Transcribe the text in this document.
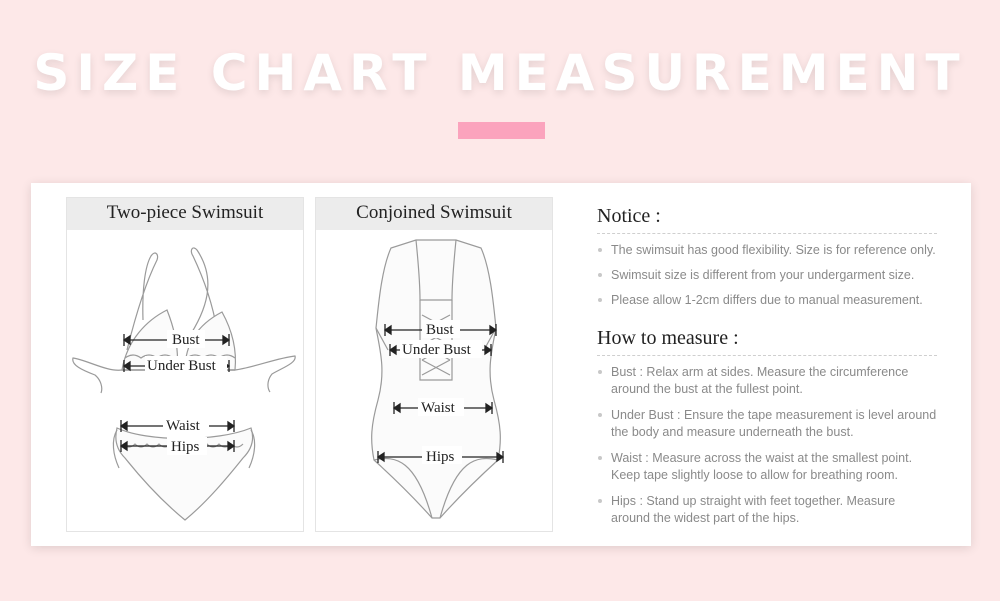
SIZE CHART MEASUREMENT
Two-piece Swimsuit
Bust
Under Bust
Waist
Hips
Conjoined Swimsuit
Bust
Under Bust
Waist
Hips
Notice :
The swimsuit has good flexibility. Size is for reference only.
Swimsuit size is different from your undergarment size.
Please allow 1-2cm differs due to manual measurement.
How to measure :
Bust : Relax arm at sides. Measure the circumference around the bust at the fullest point.
Under Bust : Ensure the tape measurement is level around the body and measure underneath the bust.
Waist : Measure across the waist at the smallest point. Keep tape slightly loose to allow for breathing room.
Hips : Stand up straight with feet together. Measure around the widest part of the hips.
